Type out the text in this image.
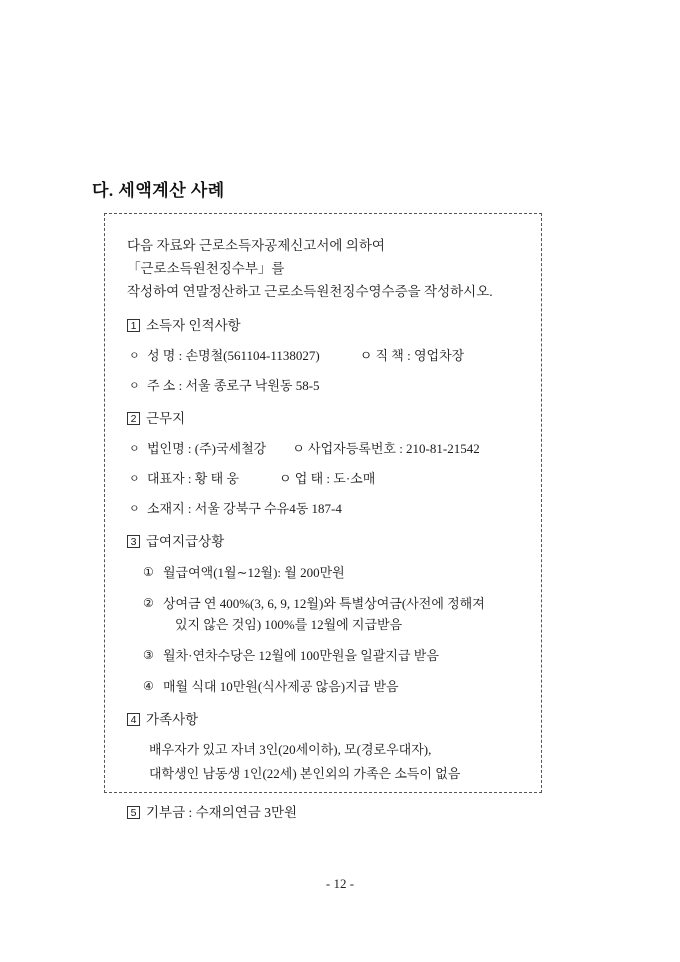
다. 세액계산 사례

다음 자료와 근로소득자공제신고서에 의하여 「근로소득원천징수부」를
작성하여 연말정산하고 근로소득원천징수영수증을 작성하시오.

1 소득자 인적사항
ㅇ 성 명 : 손명철(561104-1138027)	ㅇ 직 책 : 영업차장
ㅇ 주 소 : 서울 종로구 낙원동 58-5
2 근무지
ㅇ 법인명 : (주)국세철강 ㅇ 사업자등록번호 : 210-81-21542
ㅇ 대표자 : 황 태 웅	ㅇ 업 태 : 도·소매
ㅇ 소재지 : 서울 강북구 수유4동 187-4
3 급여지급상황
① 월급여액(1월∼12월): 월 200만원
② 상여금 연 400%(3, 6, 9, 12월)와 특별상여금(사전에 정해져
있지 않은 것임) 100%를 12월에 지급받음
③ 월차·연차수당은 12월에 100만원을 일괄지급 받음
④ 매월 식대 10만원(식사제공 않음)지급 받음
4 가족사항
배우자가 있고 자녀 3인(20세이하), 모(경로우대자),
대학생인 남동생 1인(22세) 본인외의 가족은 소득이 없음
5 기부금 : 수재의연금 3만원
- 12 -
